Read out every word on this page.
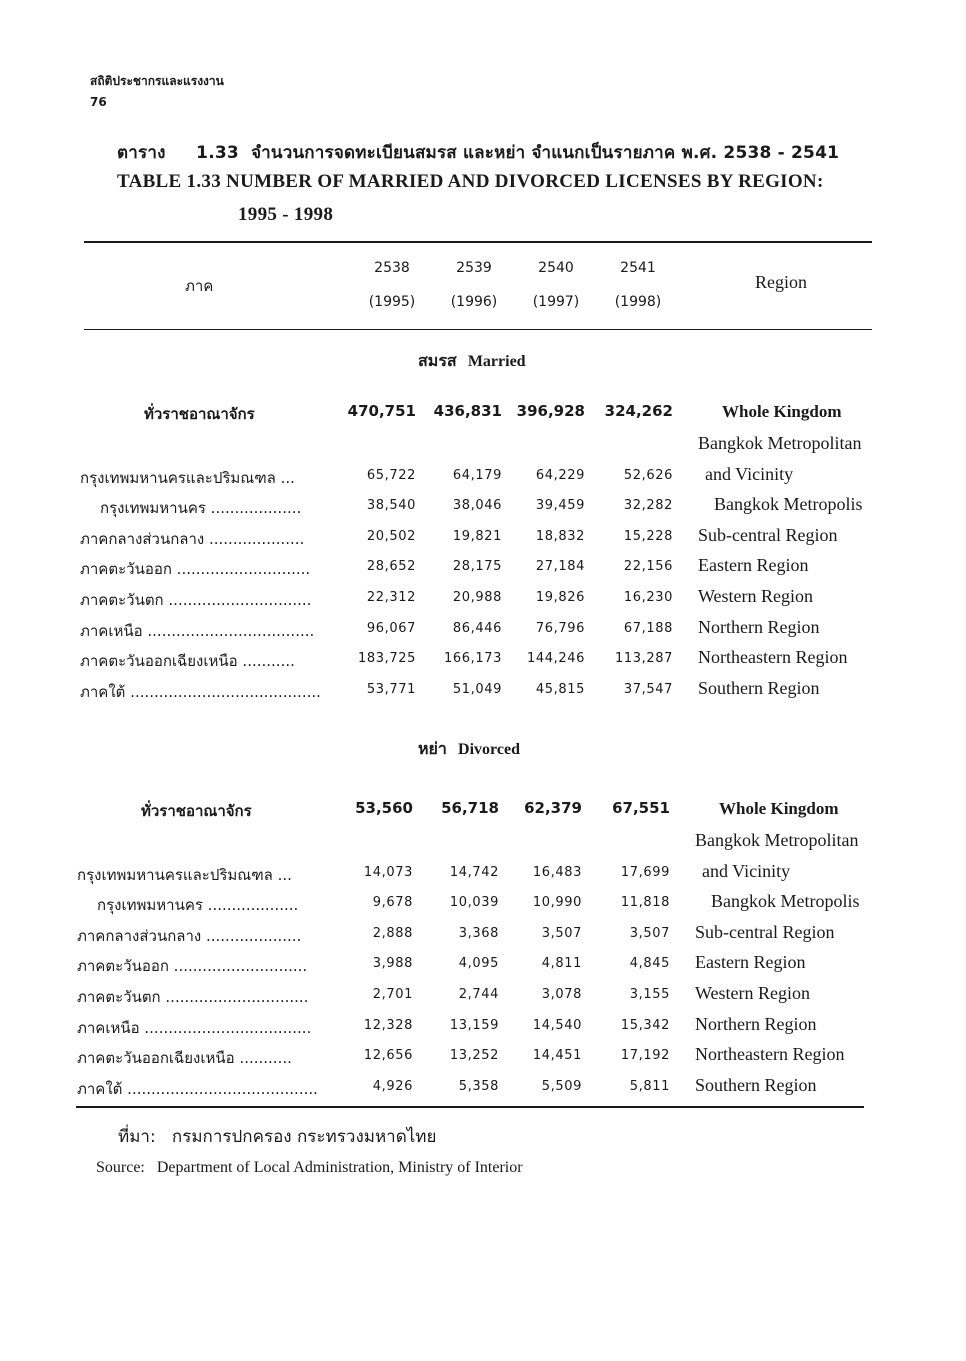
สถิติประชากรและแรงงาน
76
ตาราง 1.33 จำนวนการจดทะเบียนสมรส และหย่า จำแนกเป็นรายภาค พ.ศ. 2538 - 2541
TABLE 1.33 NUMBER OF MARRIED AND DIVORCED LICENSES BY REGION:
1995 - 1998
ภาค	Region
2538	2539	2540	2541
(1995)	(1996)	(1997)	(1998)
สมรส Married
ทั่วราชอาณาจักร	470,751	436,831 396,928	324,262	Whole Kingdom
Bangkok Metropolitan
กรุงเทพมหานครและปริมณฑล ...	65,722	64,179	64,229	52,626 and Vicinity
กรุงเทพมหานคร ...................	38,540	38,046	39,459	32,282 Bangkok Metropolis
ภาคกลางส่วนกลาง ....................	20,502	19,821	18,832	15,228 Sub-central Region
ภาคตะวันออก ............................	28,652	28,175	27,184	22,156 Eastern Region
ภาคตะวันตก ..............................	22,312	20,988	19,826	16,230 Western Region
ภาคเหนือ ...................................	96,067	86,446	76,796	67,188 Northern Region
ภาคตะวันออกเฉียงเหนือ ...........	183,725	166,173	144,246	113,287 Northeastern Region
ภาคใต้ ........................................	53,771	51,049	45,815	37,547 Southern Region
หย่า Divorced
ทั่วราชอาณาจักร	53,560	56,718	62,379	67,551	Whole Kingdom
Bangkok Metropolitan
กรุงเทพมหานครและปริมณฑล ...	14,073	14,742	16,483	17,699 and Vicinity
กรุงเทพมหานคร ...................	9,678	10,039	10,990	11,818 Bangkok Metropolis
ภาคกลางส่วนกลาง ....................	2,888	3,368	3,507	3,507 Sub-central Region
ภาคตะวันออก ............................	3,988	4,095	4,811	4,845 Eastern Region
ภาคตะวันตก ..............................	2,701	2,744	3,078	3,155 Western Region
ภาคเหนือ ...................................	12,328	13,159	14,540	15,342 Northern Region
ภาคตะวันออกเฉียงเหนือ ...........	12,656	13,252	14,451	17,192 Northeastern Region
ภาคใต้ ........................................	4,926	5,358	5,509	5,811 Southern Region
ที่มา: กรมการปกครอง กระทรวงมหาดไทย
Source: Department of Local Administration, Ministry of Interior
